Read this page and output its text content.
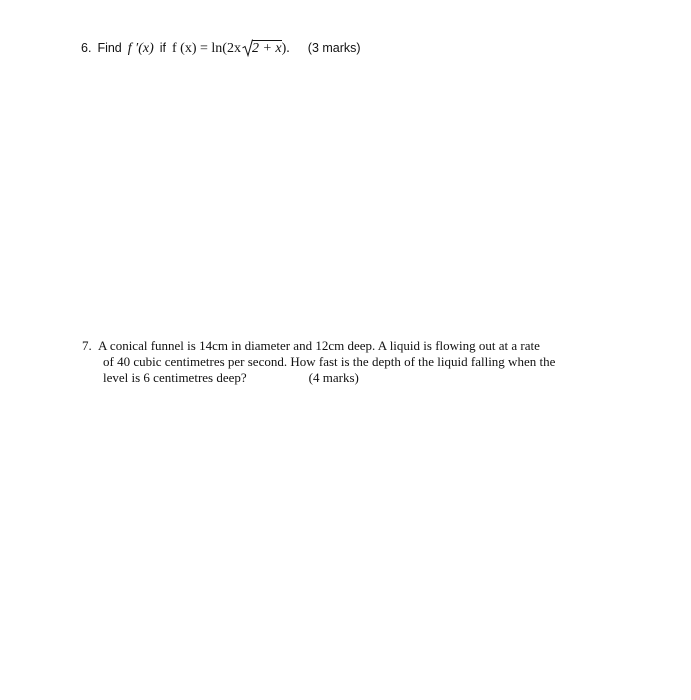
6. Find f ′(x) if f (x) = ln(2x 2 + x ). (3 marks)
7. A conical funnel is 14cm in diameter and 12cm deep. A liquid is flowing out at a rate
of 40 cubic centimetres per second. How fast is the depth of the liquid falling when the
level is 6 centimetres deep?	(4 marks)
